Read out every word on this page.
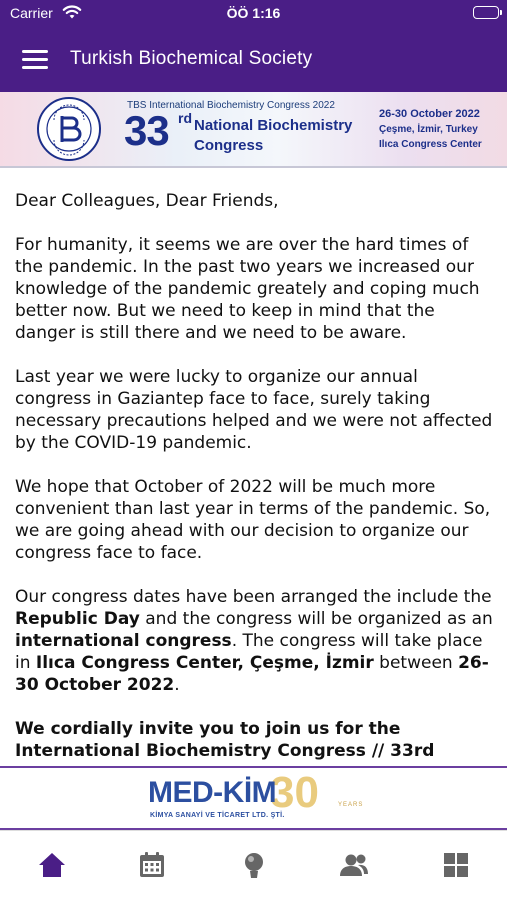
Carrier	ÖÖ 1:16
Turkish Biochemical Society
TBS International Biochemistry Congress 2022
33 rd National Biochemistry
Congress
26-30 October 2022
Çeşme, İzmir, Turkey
Ilıca Congress Center

Dear Colleagues, Dear Friends,

For humanity, it seems we are over the hard times of the pandemic. In the past two years we increased our knowledge of the pandemic greately and coping much better now. But we need to keep in mind that the danger is still there and we need to be aware.

Last year we were lucky to organize our annual congress in Gaziantep face to face, surely taking necessary precautions helped and we were not affected by the COVID-19 pandemic.

We hope that October of 2022 will be much more convenient than last year in terms of the pandemic. So, we are going ahead with our decision to organize our congress face to face.

Our congress dates have been arranged the include the Republic Day and the congress will be organized as an international congress. The congress will take place in Ilıca Congress Center, Çeşme, İzmir between 26-30 October 2022.

We cordially invite you to join us for the International Biochemistry Congress // 33rd

30
MED-KİM	YEARS
KİMYA SANAYİ VE TİCARET LTD. ŞTİ.
